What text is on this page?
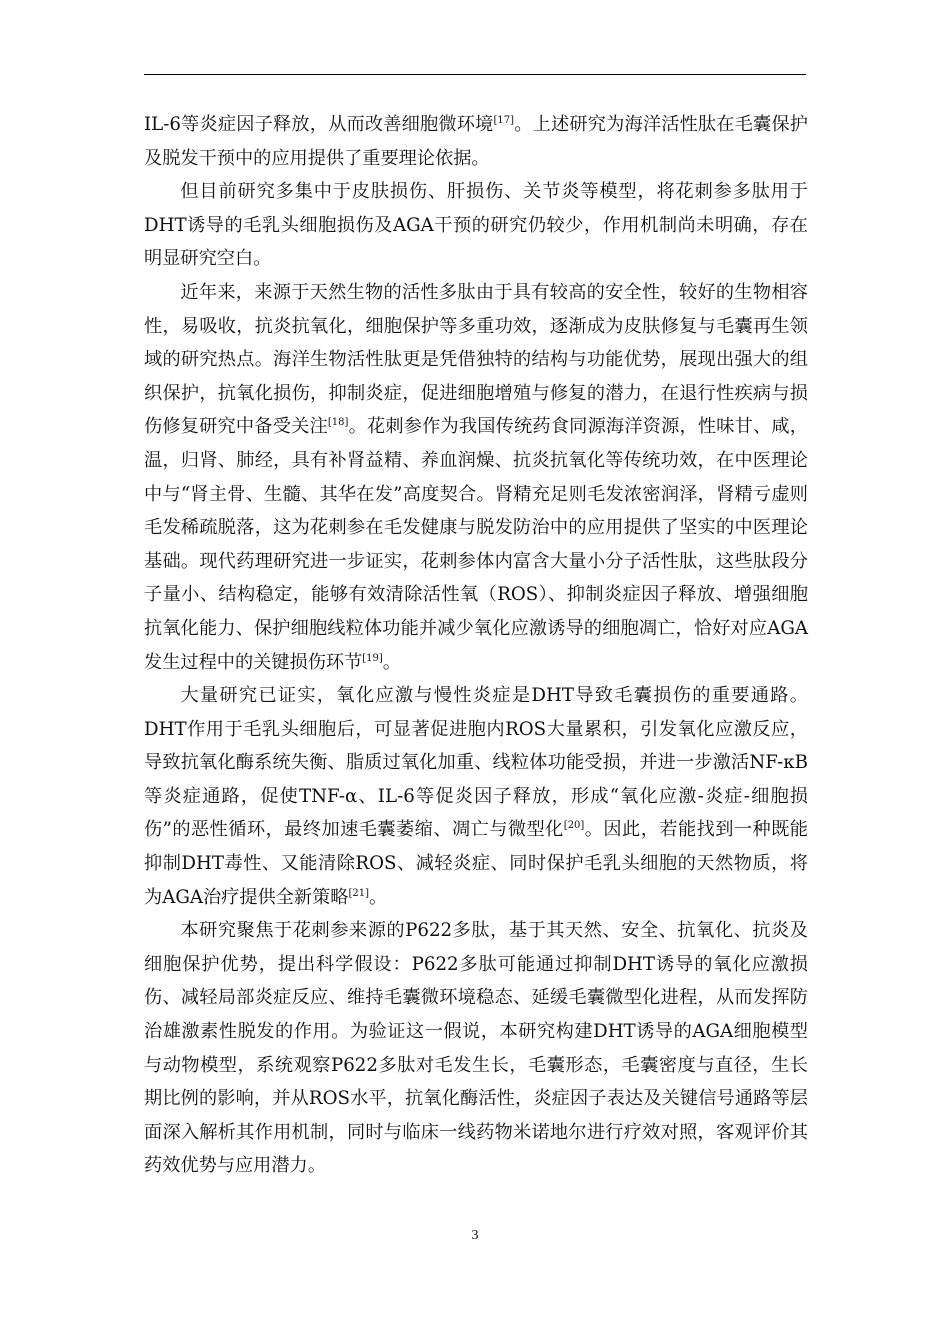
IL-6等炎症因子释放，从而改善细胞微环境[17]。上述研究为海洋活性肽在毛囊保护及脱发干预中的应用提供了重要理论依据。

但目前研究多集中于皮肤损伤、肝损伤、关节炎等模型，将花刺参多肽用于DHT诱导的毛乳头细胞损伤及AGA干预的研究仍较少，作用机制尚未明确，存在明显研究空白。

近年来，来源于天然生物的活性多肽由于具有较高的安全性，较好的生物相容性，易吸收，抗炎抗氧化，细胞保护等多重功效，逐渐成为皮肤修复与毛囊再生领域的研究热点。海洋生物活性肽更是凭借独特的结构与功能优势，展现出强大的组织保护，抗氧化损伤，抑制炎症，促进细胞增殖与修复的潜力，在退行性疾病与损伤修复研究中备受关注[18]。花刺参作为我国传统药食同源海洋资源，性味甘、咸，温，归肾、肺经，具有补肾益精、养血润燥、抗炎抗氧化等传统功效，在中医理论中与“肾主骨、生髓、其华在发”高度契合。肾精充足则毛发浓密润泽，肾精亏虚则毛发稀疏脱落，这为花刺参在毛发健康与脱发防治中的应用提供了坚实的中医理论基础。现代药理研究进一步证实，花刺参体内富含大量小分子活性肽，这些肽段分子量小、结构稳定，能够有效清除活性氧（ROS）、抑制炎症因子释放、增强细胞抗氧化能力、保护细胞线粒体功能并减少氧化应激诱导的细胞凋亡，恰好对应AGA发生过程中的关键损伤环节[19]。

大量研究已证实，氧化应激与慢性炎症是DHT导致毛囊损伤的重要通路。DHT作用于毛乳头细胞后，可显著促进胞内ROS大量累积，引发氧化应激反应，导致抗氧化酶系统失衡、脂质过氧化加重、线粒体功能受损，并进一步激活NF-κB等炎症通路，促使TNF-α、IL-6等促炎因子释放，形成“氧化应激-炎症-细胞损伤”的恶性循环，最终加速毛囊萎缩、凋亡与微型化[20]。因此，若能找到一种既能抑制DHT毒性、又能清除ROS、减轻炎症、同时保护毛乳头细胞的天然物质，将为AGA治疗提供全新策略[21]。

本研究聚焦于花刺参来源的P622多肽，基于其天然、安全、抗氧化、抗炎及细胞保护优势，提出科学假设：P622多肽可能通过抑制DHT诱导的氧化应激损伤、减轻局部炎症反应、维持毛囊微环境稳态、延缓毛囊微型化进程，从而发挥防治雄激素性脱发的作用。为验证这一假说，本研究构建DHT诱导的AGA细胞模型与动物模型，系统观察P622多肽对毛发生长，毛囊形态，毛囊密度与直径，生长期比例的影响，并从ROS水平，抗氧化酶活性，炎症因子表达及关键信号通路等层面深入解析其作用机制，同时与临床一线药物米诺地尔进行疗效对照，客观评价其药效优势与应用潜力。

3
